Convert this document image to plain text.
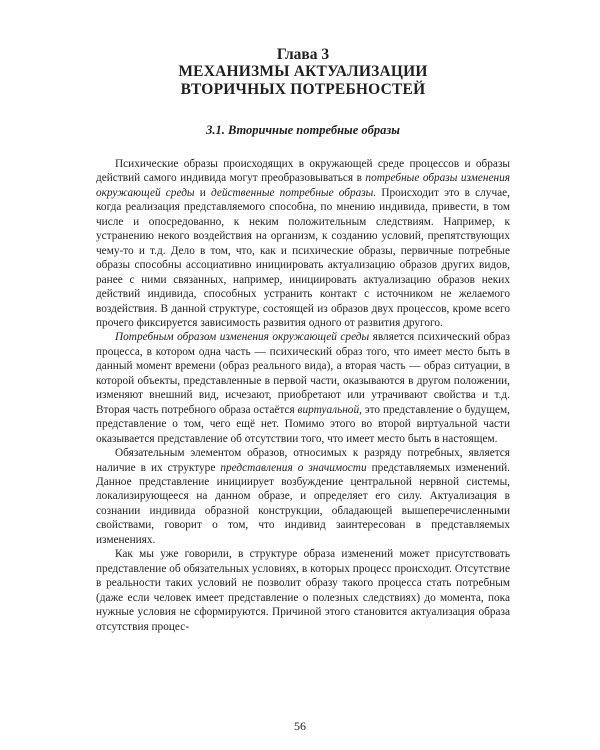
Глава 3

МЕХАНИЗМЫ АКТУАЛИЗАЦИИ

ВТОРИЧНЫХ ПОТРЕБНОСТЕЙ

3.1. Вторичные потребные образы

Психические образы происходящих в окружающей среде процессов и образы действий самого индивида могут преобразовываться в потребные образы изменения окружающей среды и действенные потребные образы. Происходит это в случае, когда реализация представляемого способна, по мнению индивида, привести, в том числе и опосредованно, к неким положительным следствиям. Например, к устранению некого воздействия на организм, к созданию условий, препятствующих чему-то и т.д. Дело в том, что, как и психические образы, первичные потребные образы способны ассоциативно инициировать актуализацию образов других видов, ранее с ними связанных, например, инициировать актуализацию образов неких действий индивида, способных устранить контакт с источником не желаемого воздействия. В данной структуре, состоящей из образов двух процессов, кроме всего прочего фиксируется зависимость развития одного от развития другого.

Потребным образом изменения окружающей среды является психический образ процесса, в котором одна часть — психический образ того, что имеет место быть в данный момент времени (образ реального вида), а вторая часть — образ ситуации, в которой объекты, представленные в первой части, оказываются в другом положении, изменяют внешний вид, исчезают, приобретают или утрачивают свойства и т.д. Вторая часть потребного образа остаётся виртуальной, это представление о будущем, представление о том, чего ещё нет. Помимо этого во второй виртуальной части оказывается представление об отсутствии того, что имеет место быть в настоящем.

Обязательным элементом образов, относимых к разряду потребных, является наличие в их структуре представления о значимости представляемых изменений. Данное представление инициирует возбуждение центральной нервной системы, локализирующееся на данном образе, и определяет его силу. Актуализация в сознании индивида образной конструкции, обладающей вышеперечисленными свойствами, говорит о том, что индивид заинтересован в представляемых изменениях.

Как мы уже говорили, в структуре образа изменений может присутствовать представление об обязательных условиях, в которых процесс происходит. Отсутствие в реальности таких условий не позволит образу такого процесса стать потребным (даже если человек имеет представление о полезных следствиях) до момента, пока нужные условия не сформируются. Причиной этого становится актуализация образа отсутствия процес-

56
